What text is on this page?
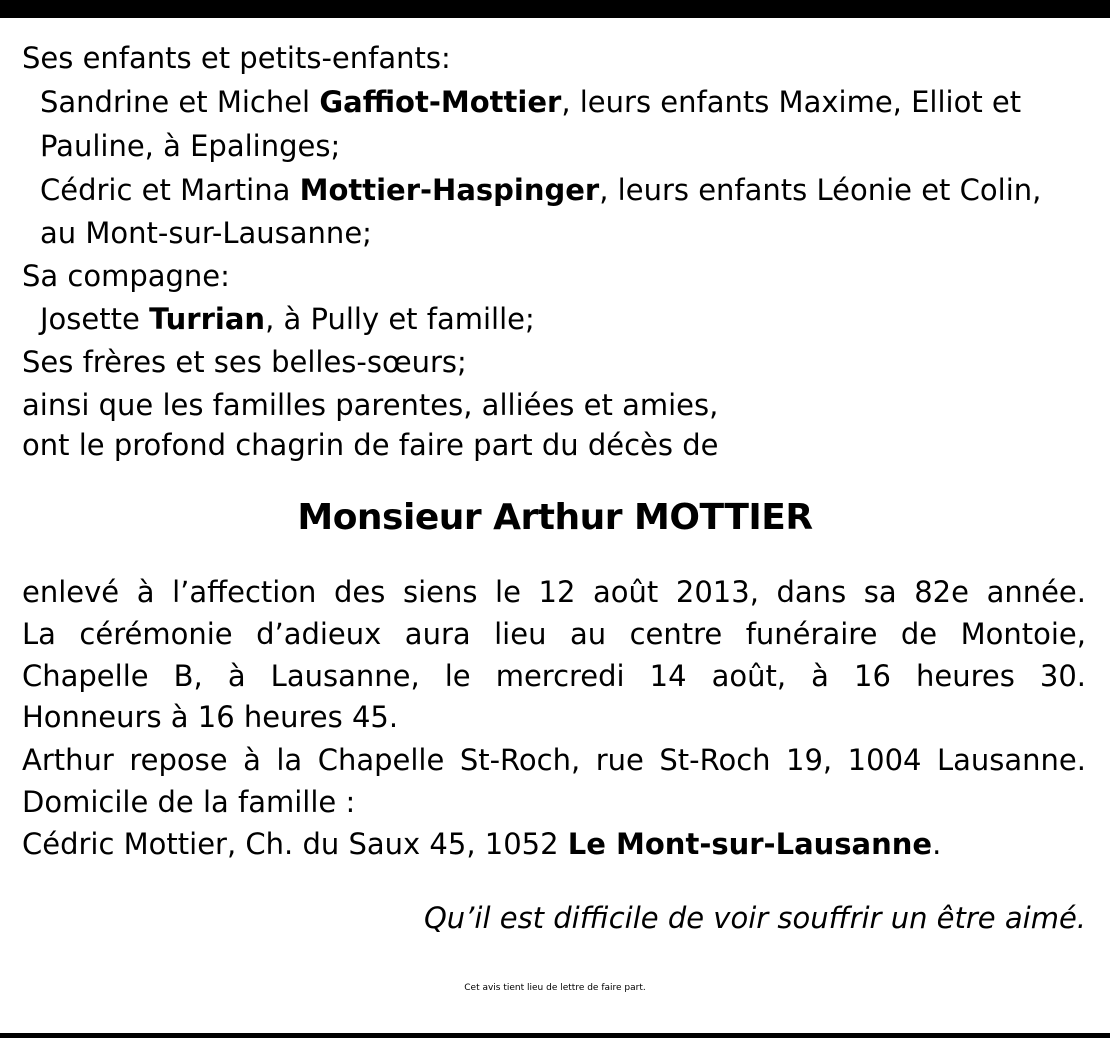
Ses enfants et petits-enfants:
Sandrine et Michel Gaffiot-Mottier, leurs enfants Maxime, Elliot et
Pauline, à Epalinges;
Cédric et Martina Mottier-Haspinger, leurs enfants Léonie et Colin,
au Mont-sur-Lausanne;
Sa compagne:
Josette Turrian, à Pully et famille;
Ses frères et ses belles-sœurs;
ainsi que les familles parentes, alliées et amies,
ont le profond chagrin de faire part du décès de
Monsieur Arthur MOTTIER
enlevé à l’affection des siens le 12 août 2013, dans sa 82e année.
La cérémonie d’adieux aura lieu au centre funéraire de Montoie,
Chapelle B, à Lausanne, le mercredi 14 août, à 16 heures 30.
Honneurs à 16 heures 45.
Arthur repose à la Chapelle St-Roch, rue St-Roch 19, 1004 Lausanne.
Domicile de la famille :
Cédric Mottier, Ch. du Saux 45, 1052 Le Mont-sur-Lausanne.
Qu’il est difficile de voir souffrir un être aimé.
Cet avis tient lieu de lettre de faire part.
